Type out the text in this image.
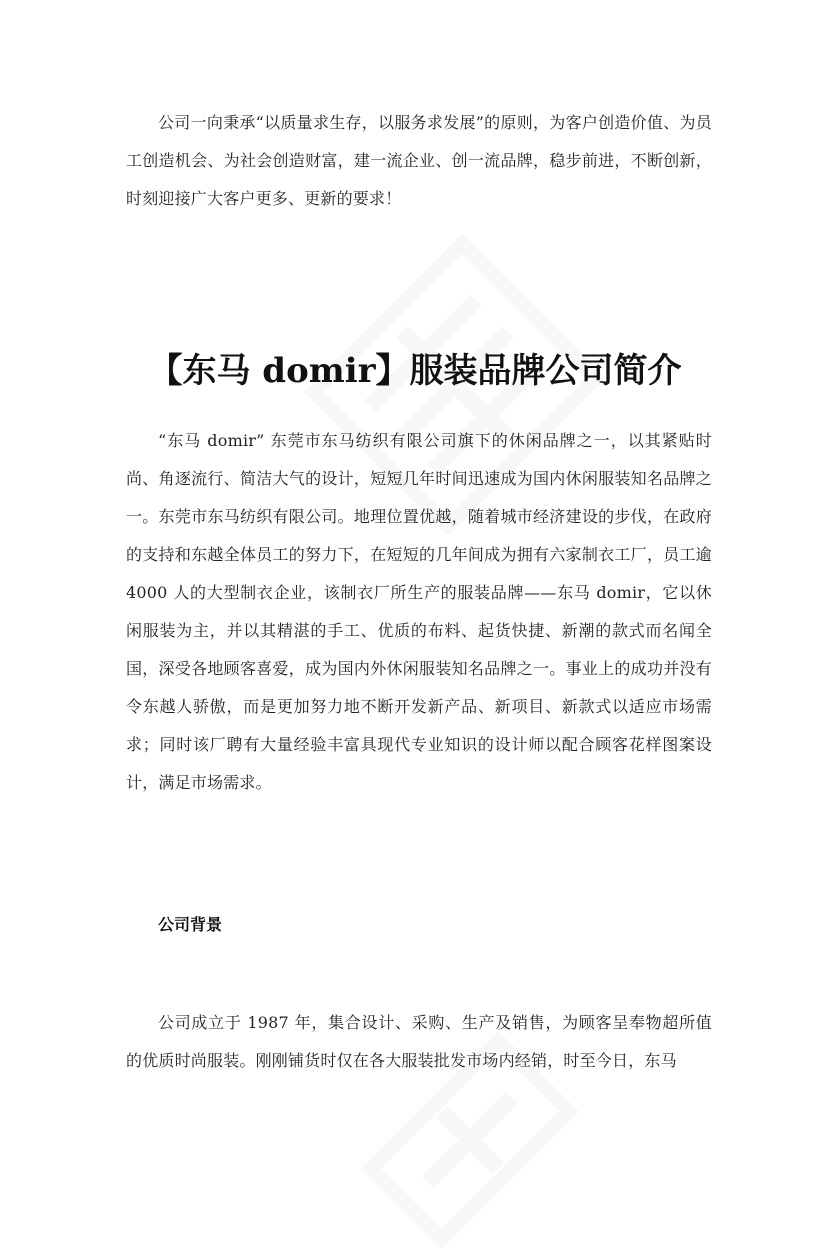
公司一向秉承“以质量求生存，以服务求发展”的原则，为客户创造价值、为员工创造机会、为社会创造财富，建一流企业、创一流品牌，稳步前进，不断创新，时刻迎接广大客户更多、更新的要求！

【东马 domir】服装品牌公司简介

“东马 domir” 东莞市东马纺织有限公司旗下的休闲品牌之一，以其紧贴时尚、角逐流行、简洁大气的设计，短短几年时间迅速成为国内休闲服装知名品牌之一。东莞市东马纺织有限公司。地理位置优越，随着城市经济建设的步伐，在政府的支持和东越全体员工的努力下，在短短的几年间成为拥有六家制衣工厂，员工逾 4000 人的大型制衣企业，该制衣厂所生产的服装品牌——东马 domir，它以休闲服装为主，并以其精湛的手工、优质的布料、起货快捷、新潮的款式而名闻全国，深受各地顾客喜爱，成为国内外休闲服装知名品牌之一。事业上的成功并没有令东越人骄傲，而是更加努力地不断开发新产品、新项目、新款式以适应市场需求；同时该厂聘有大量经验丰富具现代专业知识的设计师以配合顾客花样图案设计，满足市场需求。

公司背景

公司成立于 1987 年，集合设计、采购、生产及销售，为顾客呈奉物超所值的优质时尚服装。刚刚铺货时仅在各大服装批发市场内经销，时至今日，东马
